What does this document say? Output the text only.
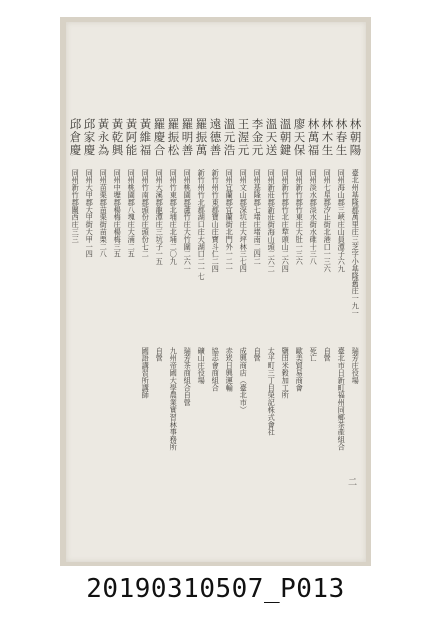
林朝陽
林春生
林木生
林萬福
廖天保
溫朝鍵
溫天送
李金元
王渥元
溫元浩
遠德善
羅振萬
羅明善
羅振松
羅慶合
黃維福
黃阿能
黃乾興
黃永為
邱家慶
邱倉慶
臺北州基隆郡萬里庄三芝字小基隆舊庄一九一
同州海山郡三峽庄山員潭子六九
同州七星郡汐止街北港口一三六
同州淡水郡淡水街水碓十三八
同州新竹郡竹東庄大肚一三六
同州新竹郡竹北庄犂頭山二六四
同州新莊郡新莊街海山頭二六二
同州基隆郡七堵庄堵南二四二
同州文山郡深坑庄大坪林三七四
同州宜蘭郡宜蘭街北門外一二一
新竹州竹東郡寶山庄寶斗仁二四
新竹州竹北郡湖口庄大湖口二一七
同州桃園郡蘆竹庄大竹圍二六一
同州竹東郡北埔庄北埔二〇九
同州大溪郡龍潭庄三坑子一五
同州竹南郡頭份庄頭份七二
同州桃園郡八塊庄大湳二五
同州中壢郡楊梅庄楊梅三五
同州苗栗郡苗栗街苗栗二八
同州大甲郡大甲街大甲一四
同州新竹郡關西庄三三
瑞芳庄役場
臺北市日新町福州同鄉茶產組合
自營
死亡
歐美貿易商會
鹽田米穀加工所
太平町三丁目榮記株式會社
自營
成興商店（臺北市）
赤崁日興運輸
協志會商組合
礦山庄役場
瑞芳茶商組合自營
九州帝國大學農業實習林事務所
自營
國語講習所講師
二
20190310507_P013
